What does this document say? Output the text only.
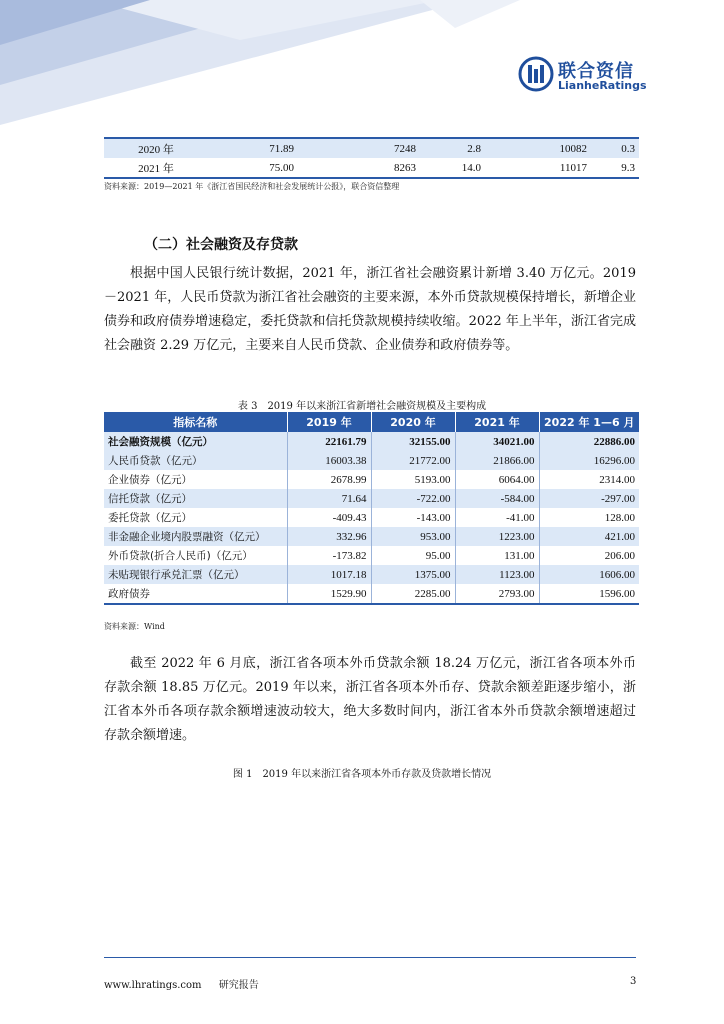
联合资信
LianheRatings
2020 年	71.89	7248	2.8	10082	0.3
2021 年	75.00	8263	14.0	11017	9.3
资料来源：2019—2021 年《浙江省国民经济和社会发展统计公报》，联合资信整理
（二）社会融资及存贷款
根据中国人民银行统计数据，2021 年，浙江省社会融资累计新增 3.40 万亿元。2019－2021 年，人民币贷款为浙江省社会融资的主要来源，本外币贷款规模保持增长，新增企业债券和政府债券增速稳定，委托贷款和信托贷款规模持续收缩。2022 年上半年，浙江省完成社会融资 2.29 万亿元，主要来自人民币贷款、企业债券和政府债券等。
表 3　2019 年以来浙江省新增社会融资规模及主要构成
指标名称	2019 年	2020 年	2021 年	2022 年 1—6 月
社会融资规模（亿元）	22161.79	32155.00	34021.00	22886.00
人民币贷款（亿元）	16003.38	21772.00	21866.00	16296.00
企业债券（亿元）	2678.99	5193.00	6064.00	2314.00
信托贷款（亿元）	71.64	-722.00	-584.00	-297.00
委托贷款（亿元）	-409.43	-143.00	-41.00	128.00
非金融企业境内股票融资（亿元）	332.96	953.00	1223.00	421.00
外币贷款(折合人民币)（亿元）	-173.82	95.00	131.00	206.00
未贴现银行承兑汇票（亿元）	1017.18	1375.00	1123.00	1606.00
政府债券	1529.90	2285.00	2793.00	1596.00
资料来源：Wind
截至 2022 年 6 月底，浙江省各项本外币贷款余额 18.24 万亿元，浙江省各项本外币存款余额 18.85 万亿元。2019 年以来，浙江省各项本外币存、贷款余额差距逐步缩小，浙江省本外币各项存款余额增速波动较大，绝大多数时间内，浙江省本外币贷款余额增速超过存款余额增速。
图 1　2019 年以来浙江省各项本外币存款及贷款增长情况
www.lhratings.com 研究报告	3
